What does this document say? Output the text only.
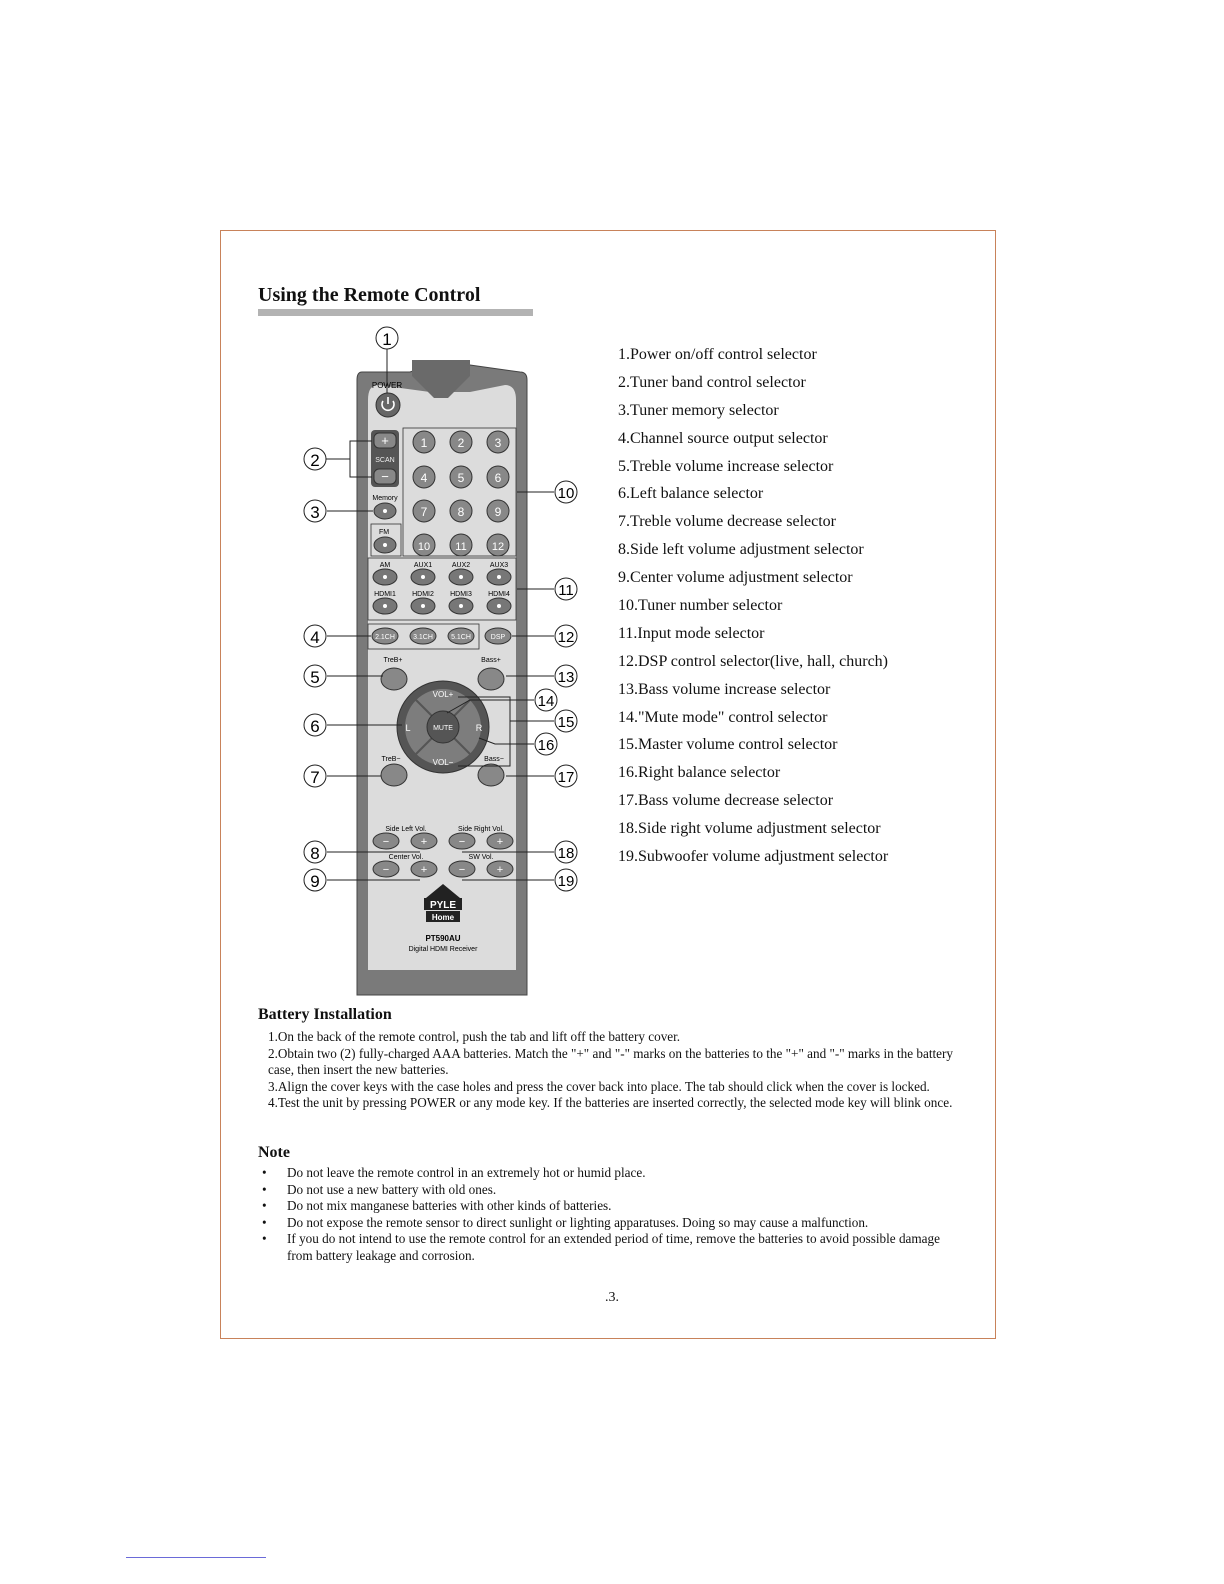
Using the Remote Control
POWER
+
SCAN
−
Memory
FM
1	2	3
4	5	6
7	8	9
10 11 12
AM	AUX1	AUX2	AUX3
HDMI1 HDMI2 HDMI3 HDMI4
2.1CH	3.1CH	5.1CH	DSP
TreB+	Bass+
TreB−	Bass−
MUTE
VOL+
VOL−
L	R
Side Left Vol.	Side Right Vol.
−	+	−	+
Center Vol.	SW Vol.
−	+	−	+
PYLE
Home
PT590AU
Digital HDMI Receiver
1
2
3
4
5
6
7
8
9
10
11
12
13
14
15
16
17
18
19
1.Power on/off control selector
2.Tuner band control selector
3.Tuner memory selector
4.Channel source output selector
5.Treble volume increase selector
6.Left balance selector
7.Treble volume decrease selector
8.Side left volume adjustment selector
9.Center volume adjustment selector
10.Tuner number selector
11.Input mode selector
12.DSP control selector(live, hall, church)
13.Bass volume increase selector
14."Mute mode" control selector
15.Master volume control selector
16.Right balance selector
17.Bass volume decrease selector
18.Side right volume adjustment selector
19.Subwoofer volume adjustment selector
Battery Installation

1.On the back of the remote control, push the tab and lift off the battery cover.

2.Obtain two (2) fully-charged AAA batteries. Match the "+" and "-" marks on the batteries to the "+" and "-" marks in the battery case, then insert the new batteries.

3.Align the cover keys with the case holes and press the cover back into place. The tab should click when the cover is locked.

4.Test the unit by pressing POWER or any mode key. If the batteries are inserted correctly, the selected mode key will blink once.

Note
• Do not leave the remote control in an extremely hot or humid place.
• Do not use a new battery with old ones.
• Do not mix manganese batteries with other kinds of batteries.
• Do not expose the remote sensor to direct sunlight or lighting apparatuses. Doing so may cause a malfunction.
• If you do not intend to use the remote control for an extended period of time, remove the batteries to avoid possible damage from battery leakage and corrosion.
.3.
